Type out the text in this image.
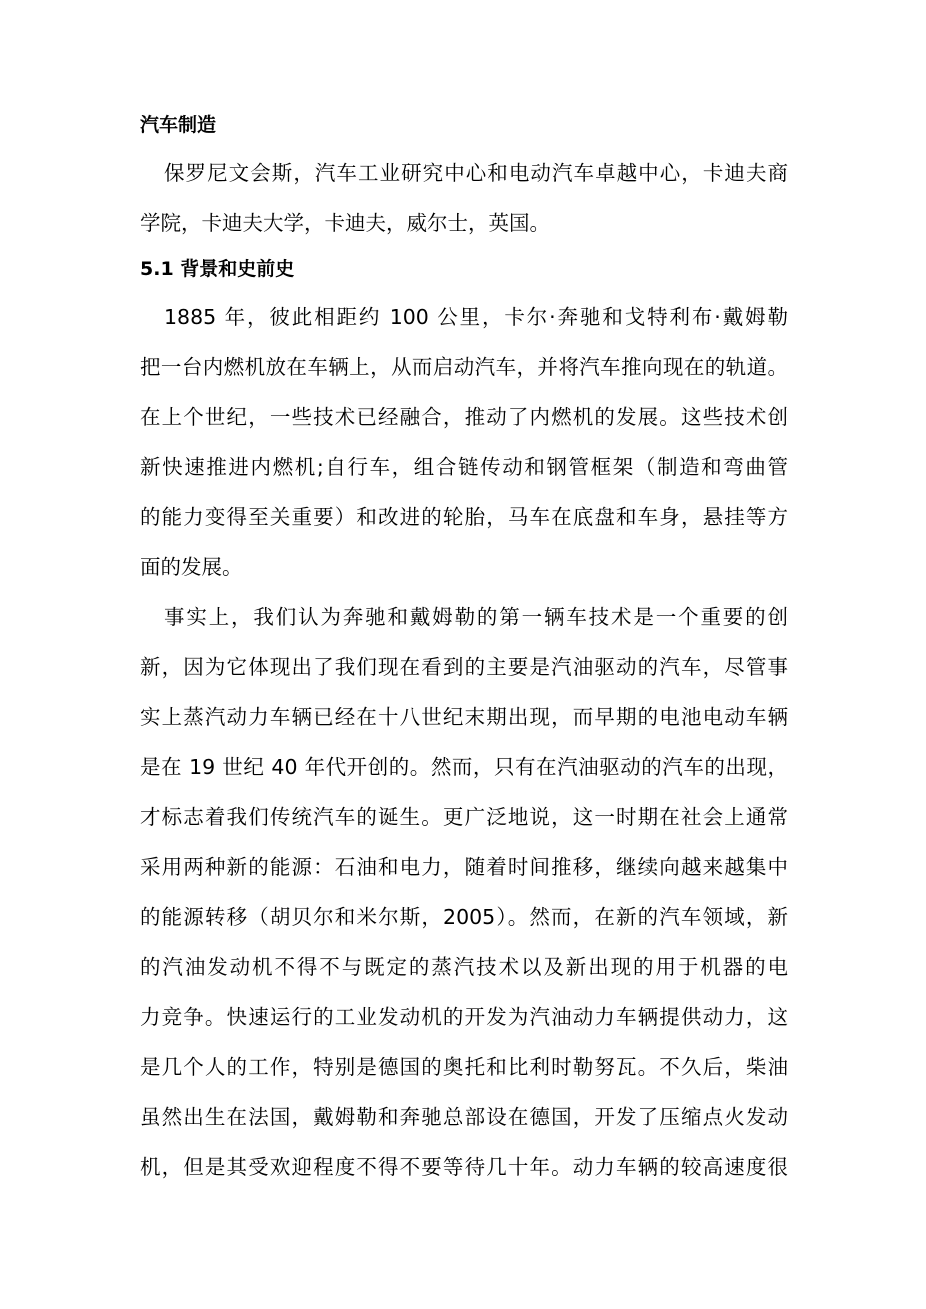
汽车制造
保罗尼文会斯，汽车工业研究中心和电动汽车卓越中心，卡迪夫商
学院，卡迪夫大学，卡迪夫，威尔士，英国。
5.1 背景和史前史
1885 年，彼此相距约 100 公里，卡尔·奔驰和戈特利布·戴姆勒
把一台内燃机放在车辆上，从而启动汽车，并将汽车推向现在的轨道。
在上个世纪，一些技术已经融合，推动了内燃机的发展。这些技术创
新快速推进内燃机;自行车，组合链传动和钢管框架（制造和弯曲管
的能力变得至关重要）和改进的轮胎，马车在底盘和车身，悬挂等方
面的发展。
事实上，我们认为奔驰和戴姆勒的第一辆车技术是一个重要的创
新，因为它体现出了我们现在看到的主要是汽油驱动的汽车，尽管事
实上蒸汽动力车辆已经在十八世纪末期出现，而早期的电池电动车辆
是在 19 世纪 40 年代开创的。然而，只有在汽油驱动的汽车的出现，
才标志着我们传统汽车的诞生。更广泛地说，这一时期在社会上通常
采用两种新的能源：石油和电力，随着时间推移，继续向越来越集中
的能源转移（胡贝尔和米尔斯，2005）。然而，在新的汽车领域，新
的汽油发动机不得不与既定的蒸汽技术以及新出现的用于机器的电
力竞争。快速运行的工业发动机的开发为汽油动力车辆提供动力，这
是几个人的工作，特别是德国的奥托和比利时勒努瓦。不久后，柴油
虽然出生在法国，戴姆勒和奔驰总部设在德国，开发了压缩点火发动
机，但是其受欢迎程度不得不要等待几十年。动力车辆的较高速度很
